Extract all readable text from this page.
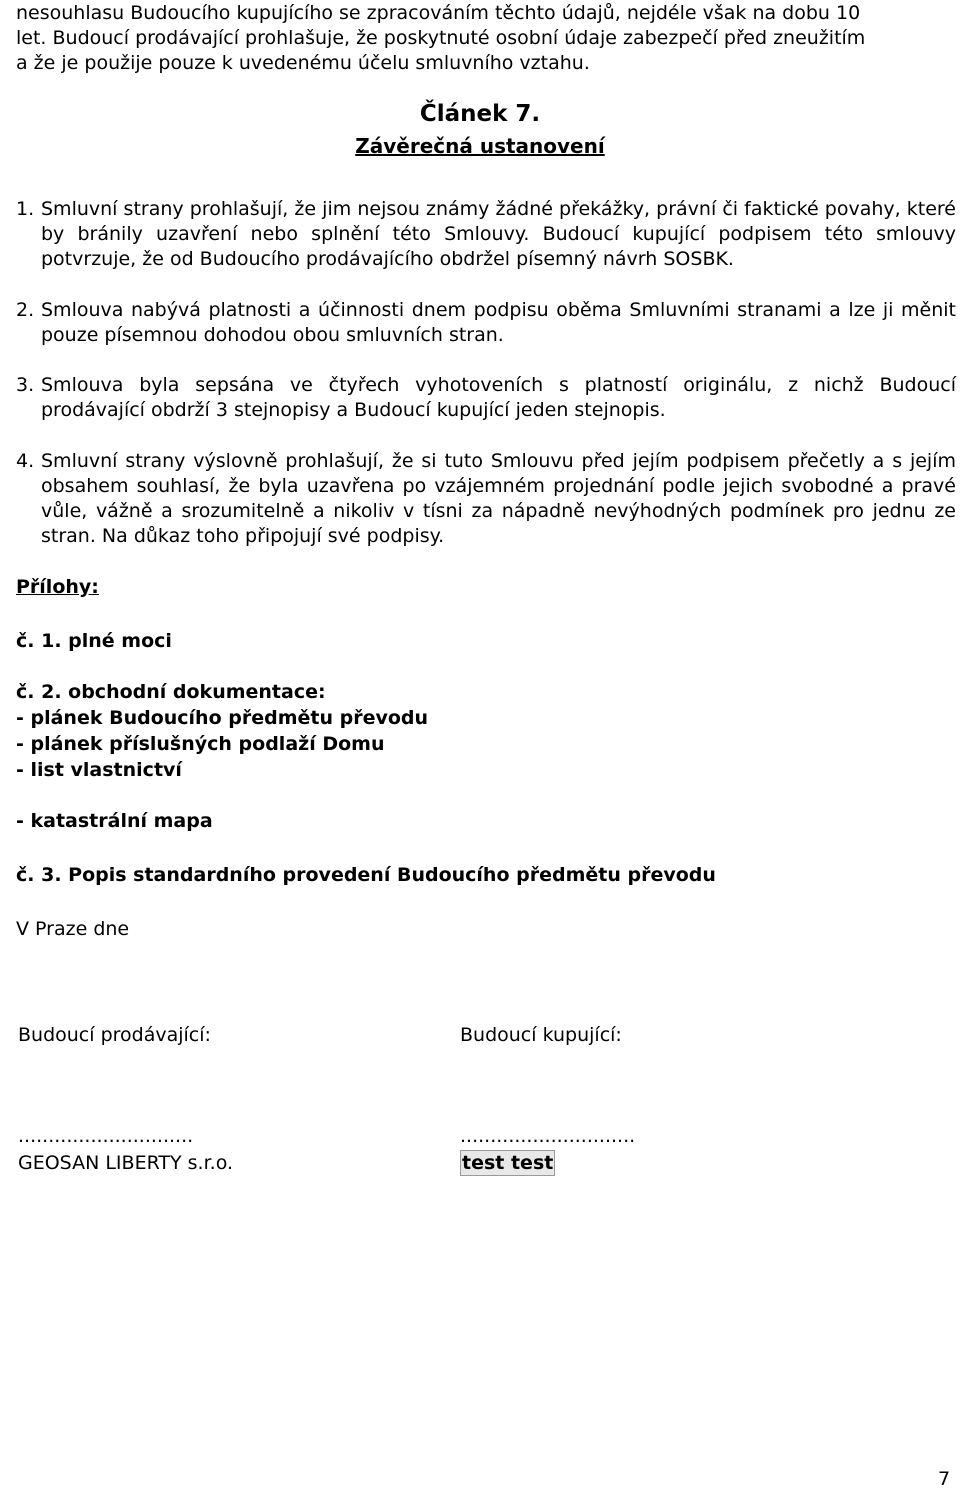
nesouhlasu Budoucího kupujícího se zpracováním těchto údajů, nejdéle však na dobu 10
let. Budoucí prodávající prohlašuje, že poskytnuté osobní údaje zabezpečí před zneužitím
a že je použije pouze k uvedenému účelu smluvního vztahu.
Článek 7.
Závěrečná ustanovení
1. Smluvní strany prohlašují, že jim nejsou známy žádné překážky, právní či faktické povahy, které by bránily uzavření nebo splnění této Smlouvy. Budoucí kupující podpisem této smlouvy potvrzuje, že od Budoucího prodávajícího obdržel písemný návrh SOSBK.
2. Smlouva nabývá platnosti a účinnosti dnem podpisu oběma Smluvními stranami a lze ji měnit pouze písemnou dohodou obou smluvních stran.
3. Smlouva byla sepsána ve čtyřech vyhotoveních s platností originálu, z nichž Budoucí prodávající obdrží 3 stejnopisy a Budoucí kupující jeden stejnopis.
4. Smluvní strany výslovně prohlašují, že si tuto Smlouvu před jejím podpisem přečetly a s jejím obsahem souhlasí, že byla uzavřena po vzájemném projednání podle jejich svobodné a pravé vůle, vážně a srozumitelně a nikoliv v tísni za nápadně nevýhodných podmínek pro jednu ze stran. Na důkaz toho připojují své podpisy.
Přílohy:
č. 1. plné moci
č. 2. obchodní dokumentace:
- plánek Budoucího předmětu převodu
- plánek příslušných podlaží Domu
- list vlastnictví
- katastrální mapa
č. 3. Popis standardního provedení Budoucího předmětu převodu
V Praze dne
Budoucí prodávající:	Budoucí kupující:
.............................	.............................
GEOSAN LIBERTY s.r.o.	test test
7
